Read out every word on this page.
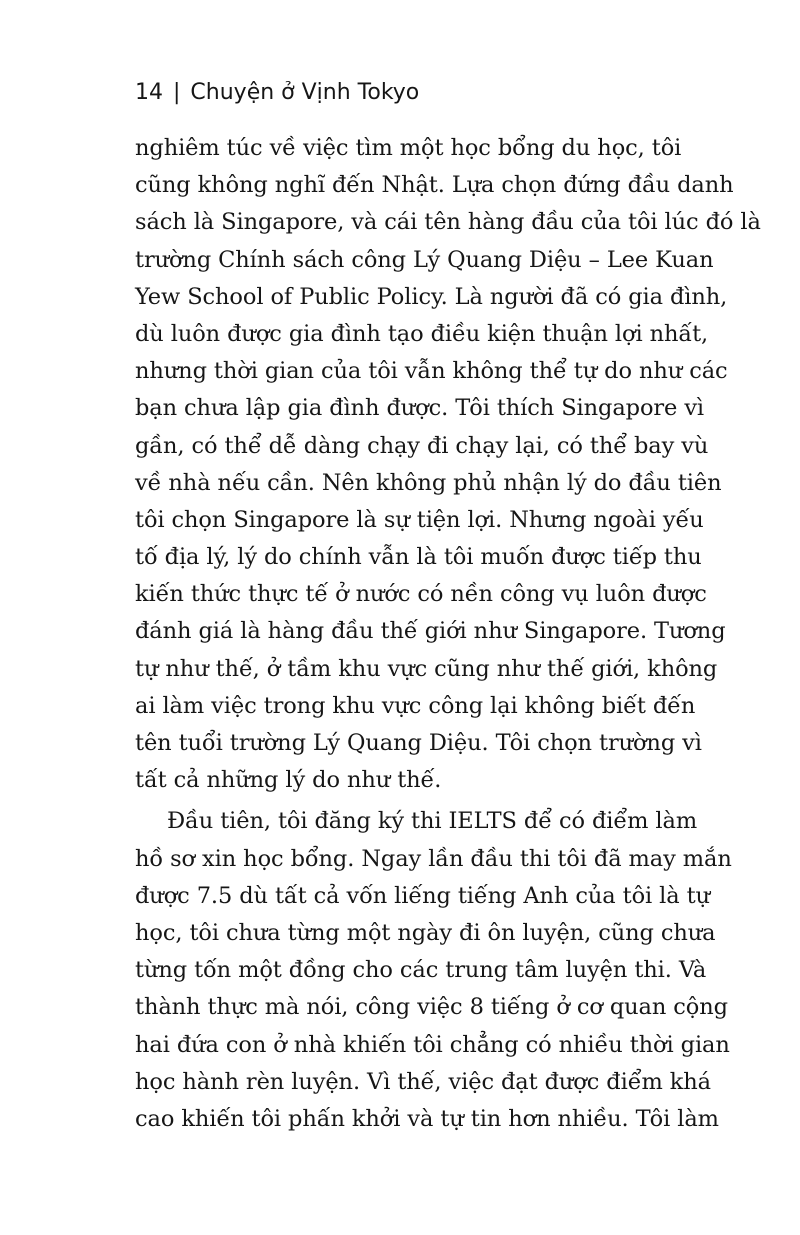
14 | Chuyện ở Vịnh Tokyo
nghiêm túc về việc tìm một học bổng du học, tôi
cũng không nghĩ đến Nhật. Lựa chọn đứng đầu danh
sách là Singapore, và cái tên hàng đầu của tôi lúc đó là
trường Chính sách công Lý Quang Diệu – Lee Kuan
Yew School of Public Policy. Là người đã có gia đình,
dù luôn được gia đình tạo điều kiện thuận lợi nhất,
nhưng thời gian của tôi vẫn không thể tự do như các
bạn chưa lập gia đình được. Tôi thích Singapore vì
gần, có thể dễ dàng chạy đi chạy lại, có thể bay vù
về nhà nếu cần. Nên không phủ nhận lý do đầu tiên
tôi chọn Singapore là sự tiện lợi. Nhưng ngoài yếu
tố địa lý, lý do chính vẫn là tôi muốn được tiếp thu
kiến thức thực tế ở nước có nền công vụ luôn được
đánh giá là hàng đầu thế giới như Singapore. Tương
tự như thế, ở tầm khu vực cũng như thế giới, không
ai làm việc trong khu vực công lại không biết đến
tên tuổi trường Lý Quang Diệu. Tôi chọn trường vì
tất cả những lý do như thế.
Đầu tiên, tôi đăng ký thi IELTS để có điểm làm
hồ sơ xin học bổng. Ngay lần đầu thi tôi đã may mắn
được 7.5 dù tất cả vốn liếng tiếng Anh của tôi là tự
học, tôi chưa từng một ngày đi ôn luyện, cũng chưa
từng tốn một đồng cho các trung tâm luyện thi. Và
thành thực mà nói, công việc 8 tiếng ở cơ quan cộng
hai đứa con ở nhà khiến tôi chẳng có nhiều thời gian
học hành rèn luyện. Vì thế, việc đạt được điểm khá
cao khiến tôi phấn khởi và tự tin hơn nhiều. Tôi làm
